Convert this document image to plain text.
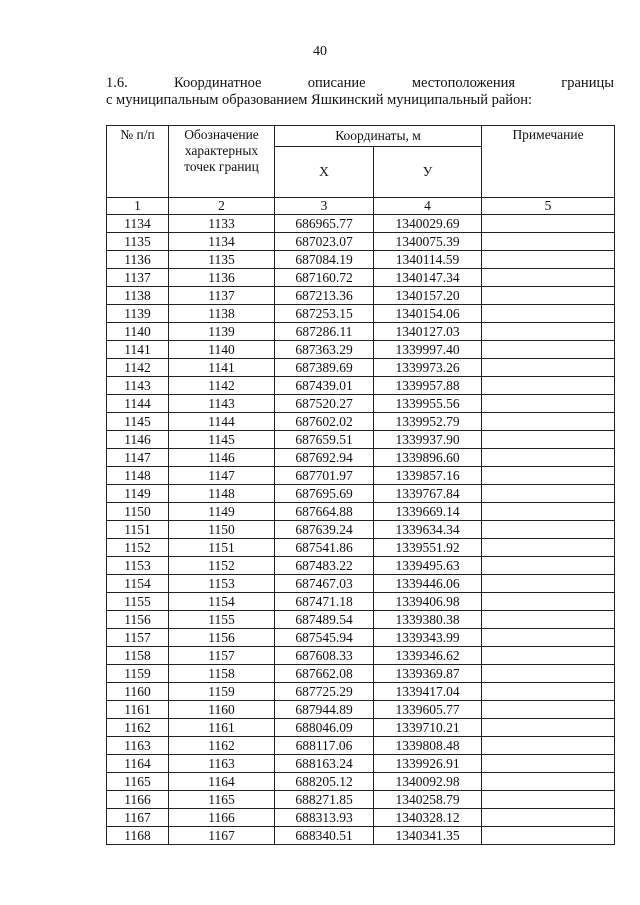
40
1.6.	Координатное	описание	местоположения	границы
с муниципальным образованием Яшкинский муниципальный район:
№ п/п	Обозначение характерных точек границ	Координаты, м		Примечание
		X	У	
1	2	3	4	5
1134	1133	686965.77	1340029.69	
1135	1134	687023.07	1340075.39	
1136	1135	687084.19	1340114.59	
1137	1136	687160.72	1340147.34	
1138	1137	687213.36	1340157.20	
1139	1138	687253.15	1340154.06	
1140	1139	687286.11	1340127.03	
1141	1140	687363.29	1339997.40	
1142	1141	687389.69	1339973.26	
1143	1142	687439.01	1339957.88	
1144	1143	687520.27	1339955.56	
1145	1144	687602.02	1339952.79	
1146	1145	687659.51	1339937.90	
1147	1146	687692.94	1339896.60	
1148	1147	687701.97	1339857.16	
1149	1148	687695.69	1339767.84	
1150	1149	687664.88	1339669.14	
1151	1150	687639.24	1339634.34	
1152	1151	687541.86	1339551.92	
1153	1152	687483.22	1339495.63	
1154	1153	687467.03	1339446.06	
1155	1154	687471.18	1339406.98	
1156	1155	687489.54	1339380.38	
1157	1156	687545.94	1339343.99	
1158	1157	687608.33	1339346.62	
1159	1158	687662.08	1339369.87	
1160	1159	687725.29	1339417.04	
1161	1160	687944.89	1339605.77	
1162	1161	688046.09	1339710.21	
1163	1162	688117.06	1339808.48	
1164	1163	688163.24	1339926.91	
1165	1164	688205.12	1340092.98	
1166	1165	688271.85	1340258.79	
1167	1166	688313.93	1340328.12	
1168	1167	688340.51	1340341.35	
